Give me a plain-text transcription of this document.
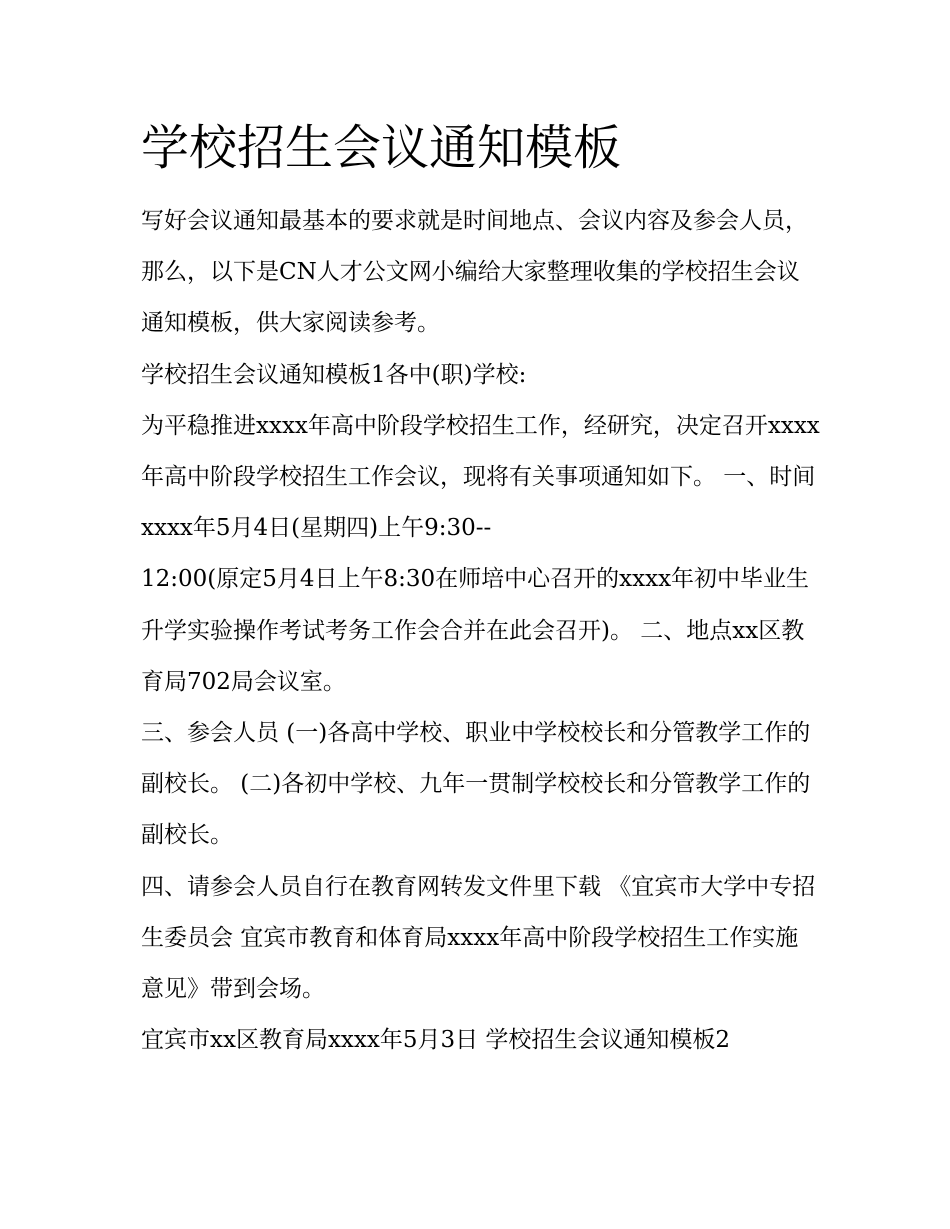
学校招生会议通知模板

写好会议通知最基本的要求就是时间地点、会议内容及参会人员，那么，以下是CN人才公文网小编给大家整理收集的学校招生会议通知模板，供大家阅读参考。

学校招生会议通知模板1各中(职)学校:

为平稳推进xxxx年高中阶段学校招生工作，经研究，决定召开xxxx年高中阶段学校招生工作会议，现将有关事项通知如下。 一、时间

xxxx年5月4日(星期四)上午9:30--

12:00(原定5月4日上午8:30在师培中心召开的xxxx年初中毕业生升学实验操作考试考务工作会合并在此会召开)。 二、地点xx区教育局702局会议室。

三、参会人员 (一)各高中学校、职业中学校校长和分管教学工作的副校长。 (二)各初中学校、九年一贯制学校校长和分管教学工作的副校长。

四、请参会人员自行在教育网转发文件里下载 《宜宾市大学中专招生委员会 宜宾市教育和体育局xxxx年高中阶段学校招生工作实施意见》带到会场。

宜宾市xx区教育局xxxx年5月3日 学校招生会议通知模板2
